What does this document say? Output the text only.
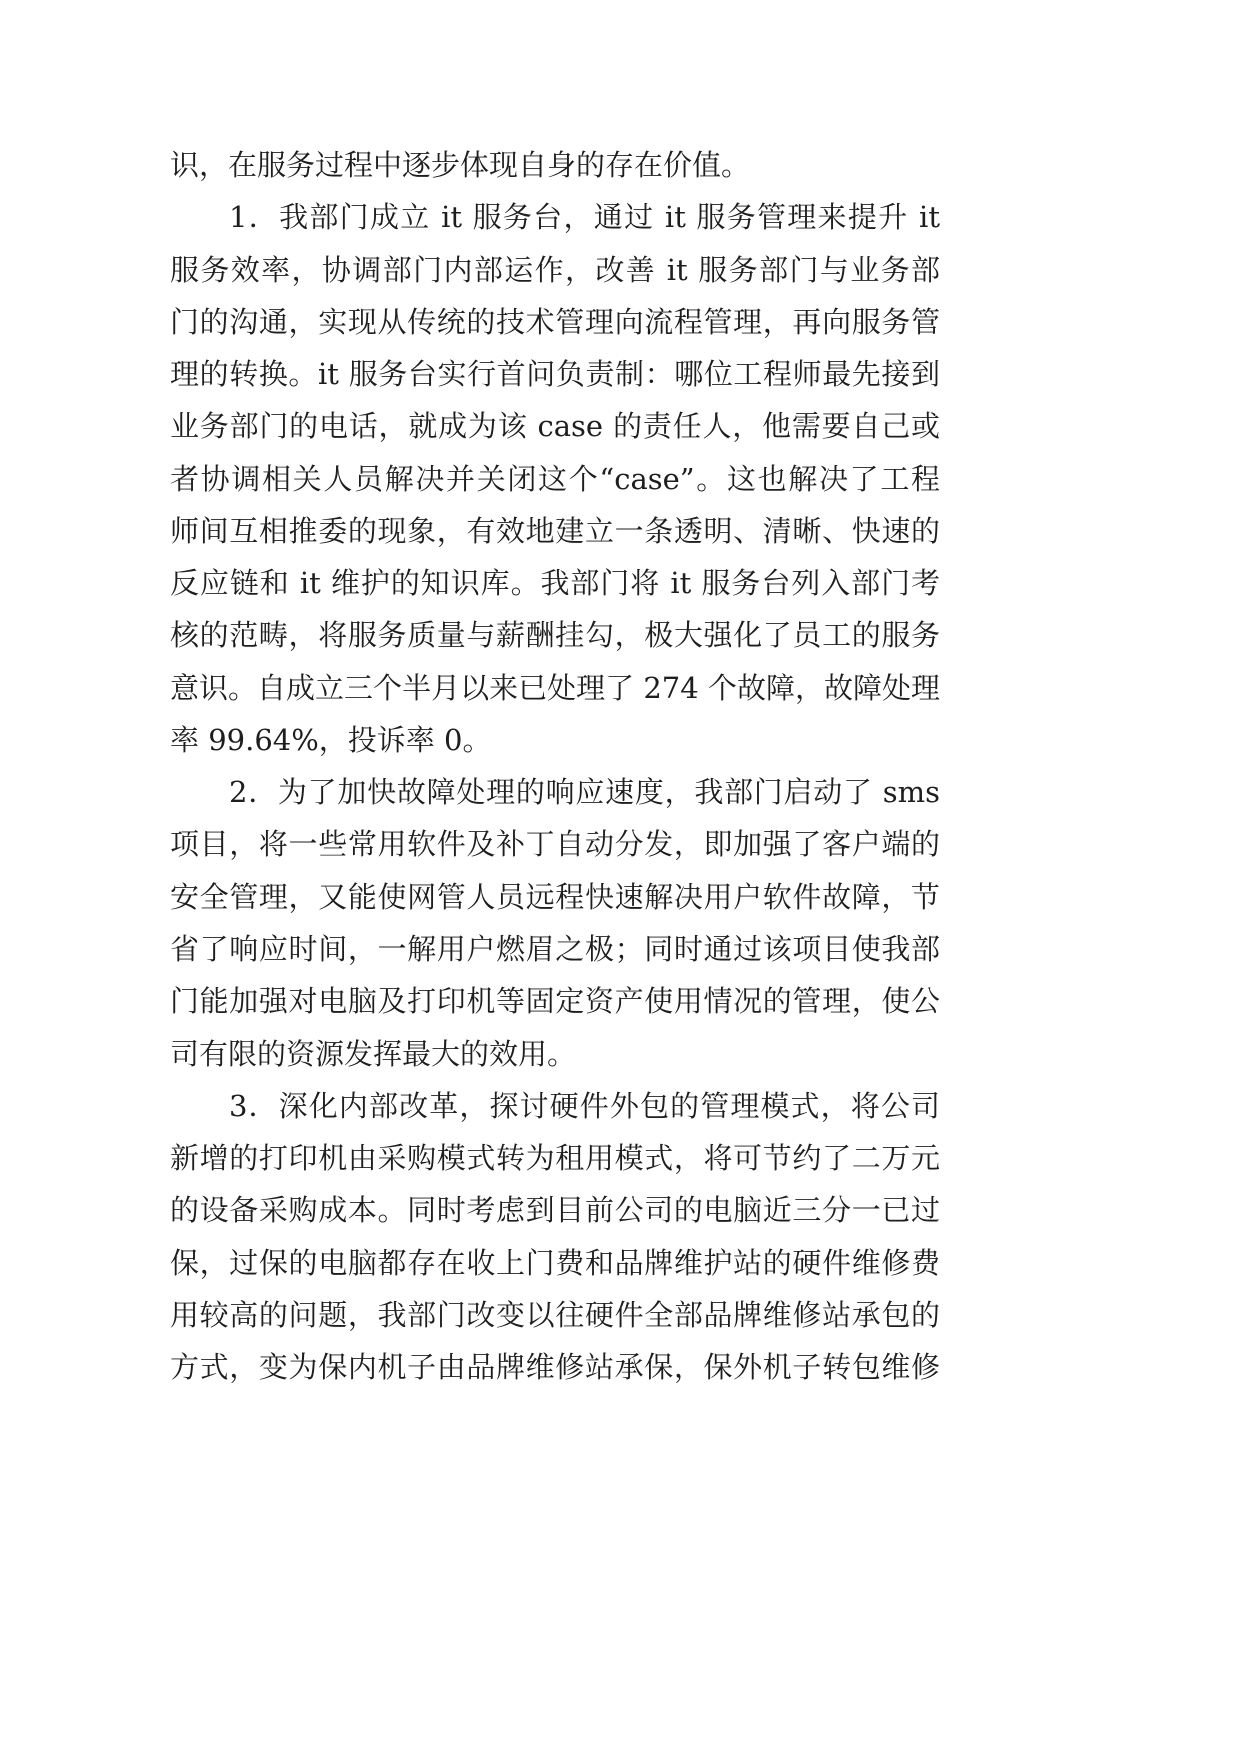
识，在服务过程中逐步体现自身的存在价值。
1．我部门成立 it 服务台，通过 it 服务管理来提升 it
服务效率，协调部门内部运作，改善 it 服务部门与业务部
门的沟通，实现从传统的技术管理向流程管理，再向服务管
理的转换。it 服务台实行首问负责制：哪位工程师最先接到
业务部门的电话，就成为该 case 的责任人，他需要自己或
者协调相关人员解决并关闭这个“case”。这也解决了工程
师间互相推委的现象，有效地建立一条透明、清晰、快速的
反应链和 it 维护的知识库。我部门将 it 服务台列入部门考
核的范畴，将服务质量与薪酬挂勾，极大强化了员工的服务
意识。自成立三个半月以来已处理了 274 个故障，故障处理
率 99.64%，投诉率 0。
2．为了加快故障处理的响应速度，我部门启动了 sms
项目，将一些常用软件及补丁自动分发，即加强了客户端的
安全管理，又能使网管人员远程快速解决用户软件故障，节
省了响应时间，一解用户燃眉之极；同时通过该项目使我部
门能加强对电脑及打印机等固定资产使用情况的管理，使公
司有限的资源发挥最大的效用。
3．深化内部改革，探讨硬件外包的管理模式，将公司
新增的打印机由采购模式转为租用模式，将可节约了二万元
的设备采购成本。同时考虑到目前公司的电脑近三分一已过
保，过保的电脑都存在收上门费和品牌维护站的硬件维修费
用较高的问题，我部门改变以往硬件全部品牌维修站承包的
方式，变为保内机子由品牌维修站承保，保外机子转包维修
